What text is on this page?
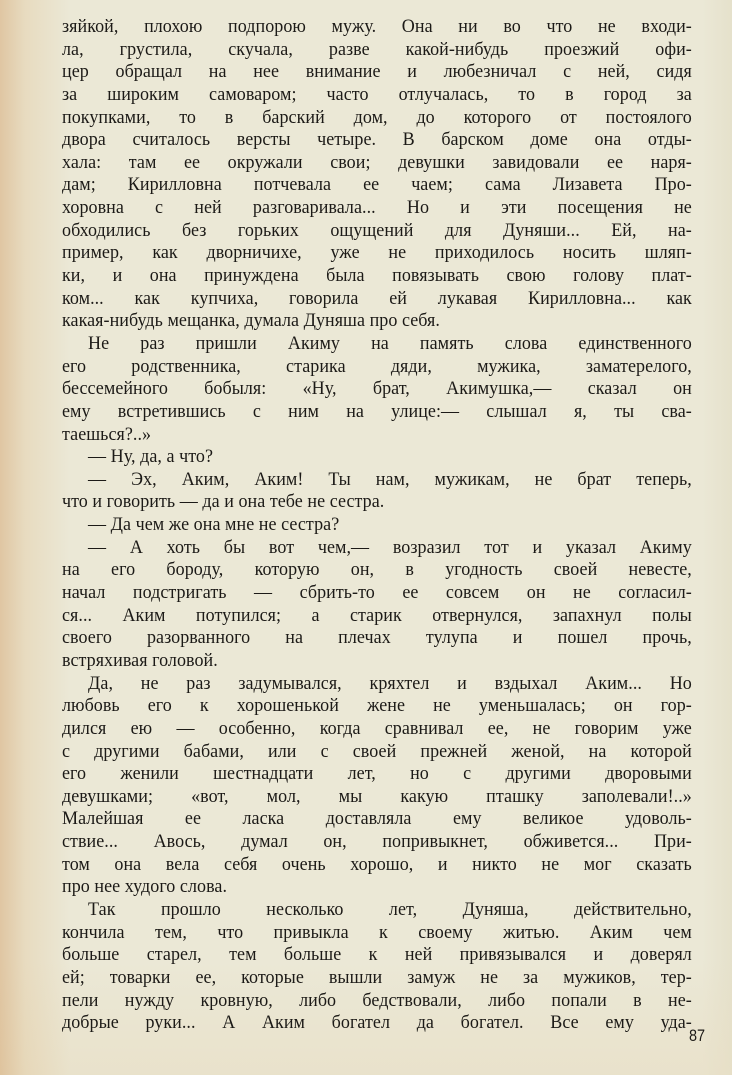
зяйкой, плохою подпорою мужу. Она ни во что не входи-
ла, грустила, скучала, разве какой-нибудь проезжий офи-
цер обращал на нее внимание и любезничал с ней, сидя
за широким самоваром; часто отлучалась, то в город за
покупками, то в барский дом, до которого от постоялого
двора считалось версты четыре. В барском доме она отды-
хала: там ее окружали свои; девушки завидовали ее наря-
дам; Кирилловна потчевала ее чаем; сама Лизавета Про-
хоровна с ней разговаривала... Но и эти посещения не
обходились без горьких ощущений для Дуняши... Ей, на-
пример, как дворничихе, уже не приходилось носить шляп-
ки, и она принуждена была повязывать свою голову плат-
ком... как купчиха, говорила ей лукавая Кирилловна... как
какая-нибудь мещанка, думала Дуняша про себя.
Не раз пришли Акиму на память слова единственного
его родственника, старика дяди, мужика, заматерелого,
бессемейного бобыля: «Ну, брат, Акимушка,— сказал он
ему встретившись с ним на улице:— слышал я, ты сва-
таешься?..»
— Ну, да, а что?
— Эх, Аким, Аким! Ты нам, мужикам, не брат теперь,
что и говорить — да и она тебе не сестра.
— Да чем же она мне не сестра?
— А хоть бы вот чем,— возразил тот и указал Акиму
на его бороду, которую он, в угодность своей невесте,
начал подстригать — сбрить-то ее совсем он не согласил-
ся... Аким потупился; а старик отвернулся, запахнул полы
своего разорванного на плечах тулупа и пошел прочь,
встряхивая головой.
Да, не раз задумывался, кряхтел и вздыхал Аким... Но
любовь его к хорошенькой жене не уменьшалась; он гор-
дился ею — особенно, когда сравнивал ее, не говорим уже
с другими бабами, или с своей прежней женой, на которой
его женили шестнадцати лет, но с другими дворовыми
девушками; «вот, мол, мы какую пташку заполевали!..»
Малейшая ее ласка доставляла ему великое удоволь-
ствие... Авось, думал он, попривыкнет, обживется... При-
том она вела себя очень хорошо, и никто не мог сказать
про нее худого слова.
Так прошло несколько лет, Дуняша, действительно,
кончила тем, что привыкла к своему житью. Аким чем
больше старел, тем больше к ней привязывался и доверял
ей; товарки ее, которые вышли замуж не за мужиков, тер-
пели нужду кровную, либо бедствовали, либо попали в не-
добрые руки... А Аким богател да богател. Все ему уда-
87
